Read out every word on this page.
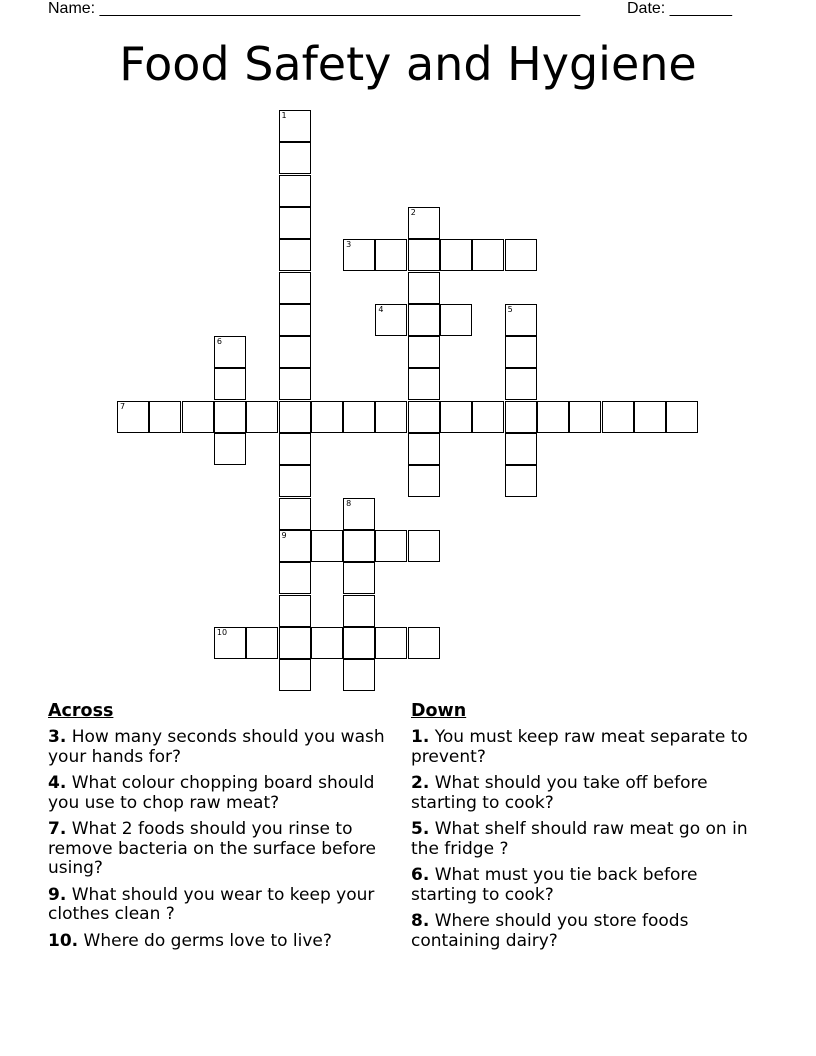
Name: ______________________________________________________	Date: _______
Food Safety and Hygiene
1
9
2
3
4	5
6
7
8
10
Across
3. How many seconds should you wash your hands for?
4. What colour chopping board should you use to chop raw meat?
7. What 2 foods should you rinse to remove bacteria on the surface before using?
9. What should you wear to keep your clothes clean ?
10. Where do germs love to live?
Down
1. You must keep raw meat separate to prevent?
2. What should you take off before starting to cook?
5. What shelf should raw meat go on in the fridge ?
6. What must you tie back before starting to cook?
8. Where should you store foods containing dairy?
